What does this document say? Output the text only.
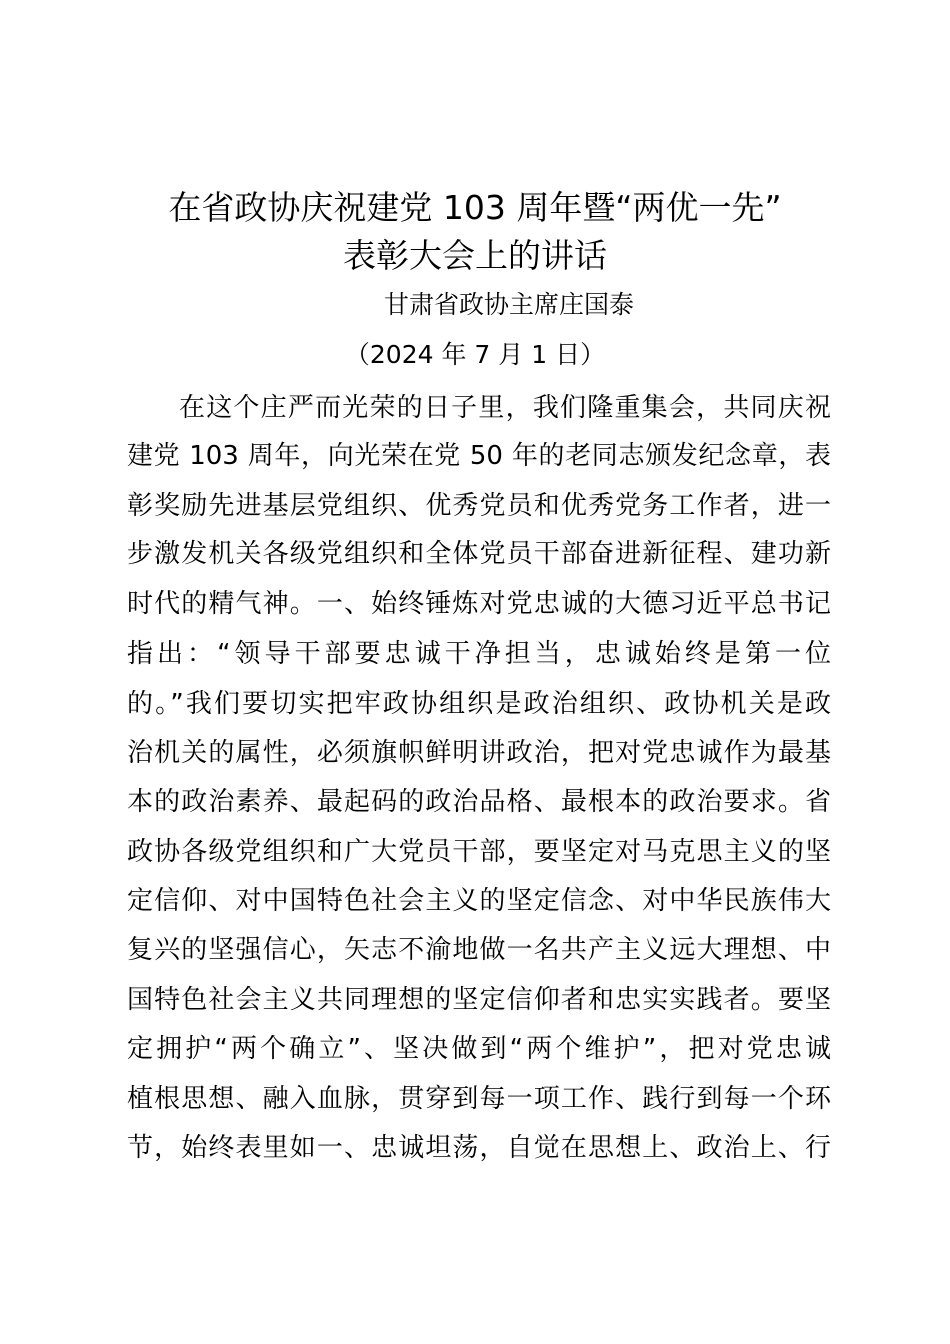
在省政协庆祝建党 103 周年暨“两优一先”
表彰大会上的讲话
甘肃省政协主席庄国泰
（2024 年 7 月 1 日）
在这个庄严而光荣的日子里，我们隆重集会，共同庆祝
建党 103 周年，向光荣在党 50 年的老同志颁发纪念章，表
彰奖励先进基层党组织、优秀党员和优秀党务工作者，进一
步激发机关各级党组织和全体党员干部奋进新征程、建功新
时代的精气神。一、始终锤炼对党忠诚的大德习近平总书记
指出：“领导干部要忠诚干净担当，忠诚始终是第一位
的。”我们要切实把牢政协组织是政治组织、政协机关是政
治机关的属性，必须旗帜鲜明讲政治，把对党忠诚作为最基
本的政治素养、最起码的政治品格、最根本的政治要求。省
政协各级党组织和广大党员干部，要坚定对马克思主义的坚
定信仰、对中国特色社会主义的坚定信念、对中华民族伟大
复兴的坚强信心，矢志不渝地做一名共产主义远大理想、中
国特色社会主义共同理想的坚定信仰者和忠实实践者。要坚
定拥护“两个确立”、坚决做到“两个维护”，把对党忠诚
植根思想、融入血脉，贯穿到每一项工作、践行到每一个环
节，始终表里如一、忠诚坦荡，自觉在思想上、政治上、行
